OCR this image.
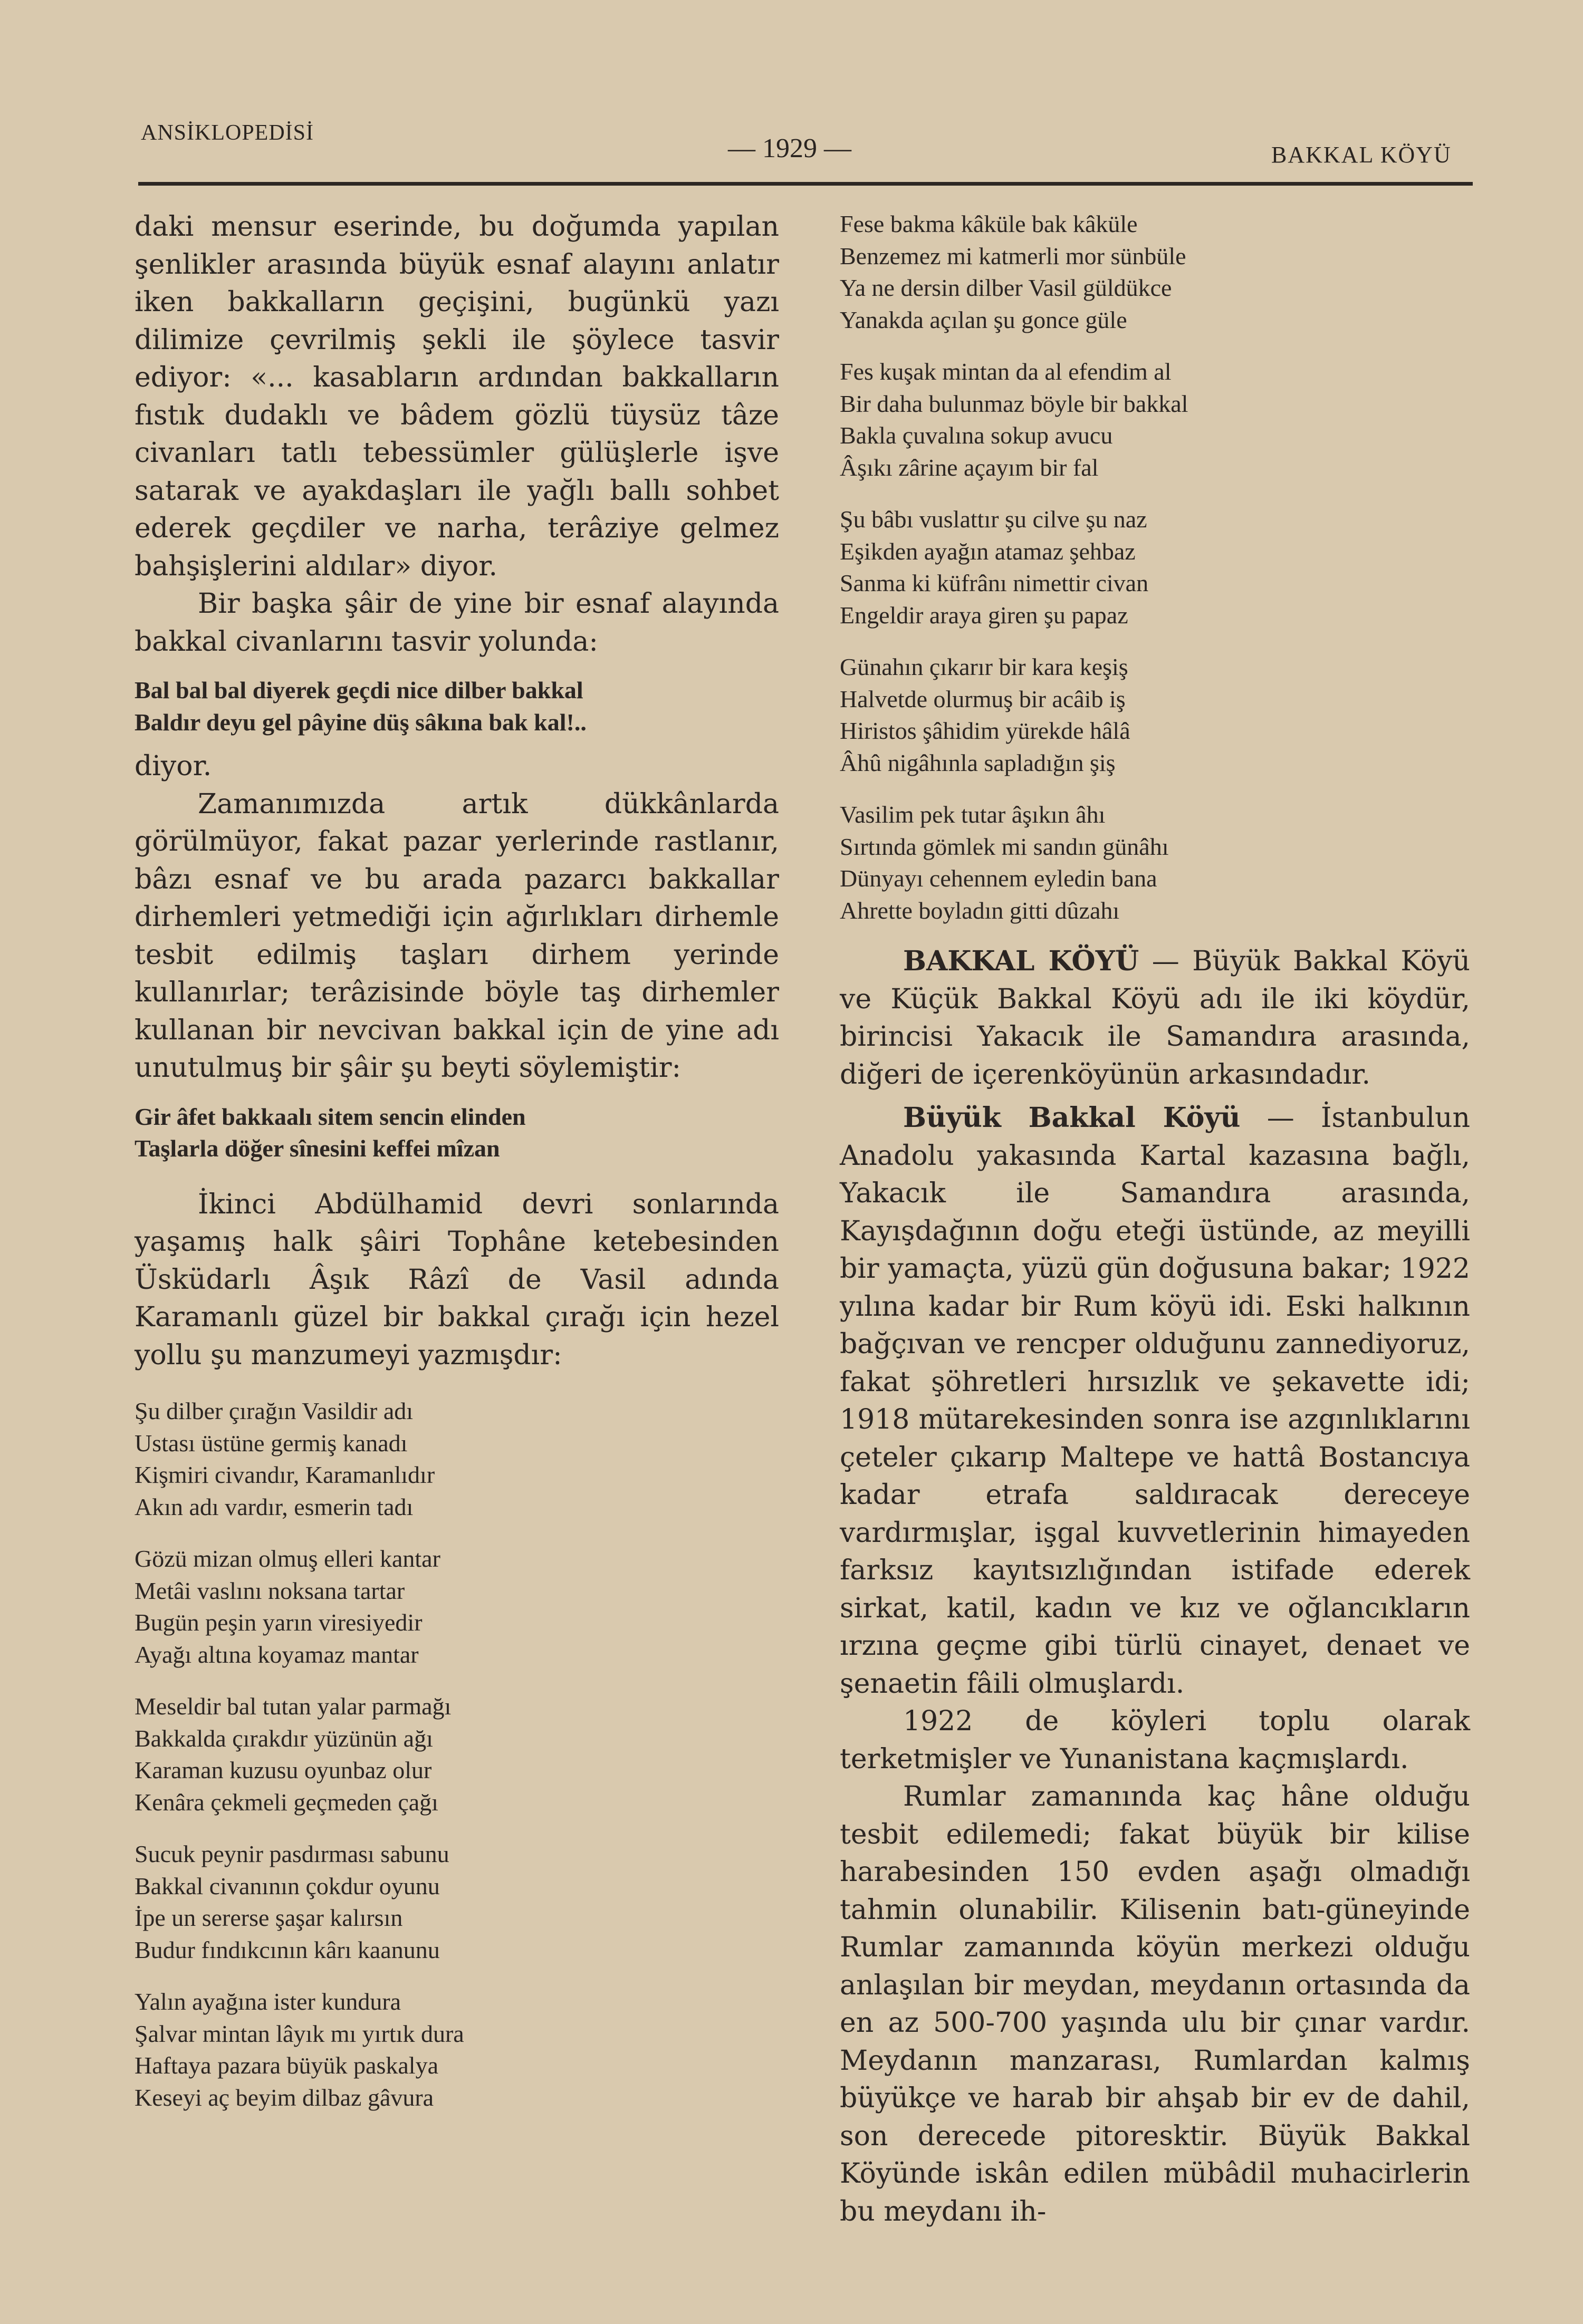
ANSİKLOPEDİSİ
— 1929 —	BAKKAL KÖYÜ

daki mensur eserinde, bu doğumda yapılan şenlikler arasında büyük esnaf alayını anlatır iken bakkalların geçişini, bugünkü yazı dilimize çevrilmiş şekli ile şöylece tasvir ediyor: «... kasabların ardından bakkalların fıstık dudaklı ve bâdem gözlü tüysüz tâze civanları tatlı tebessümler gülüşlerle işve satarak ve ayakdaşları ile yağlı ballı sohbet ederek geçdiler ve narha, terâziye gelmez bahşişlerini aldılar» diyor.

Bir başka şâir de yine bir esnaf alayında bakkal civanlarını tasvir yolunda:

Bal bal bal diyerek geçdi nice dilber bakkal
Baldır deyu gel pâyine düş sâkına bak kal!..

diyor.

Zamanımızda artık dükkânlarda görülmüyor, fakat pazar yerlerinde rastlanır, bâzı esnaf ve bu arada pazarcı bakkallar dirhemleri yetmediği için ağırlıkları dirhemle tesbit edilmiş taşları dirhem yerinde kullanırlar; terâzisinde böyle taş dirhemler kullanan bir nevcivan bakkal için de yine adı unutulmuş bir şâir şu beyti söylemiştir:

Gir âfet bakkaalı sitem sencin elinden
Taşlarla döğer sînesini keffei mîzan

İkinci Abdülhamid devri sonlarında yaşamış halk şâiri Tophâne ketebesinden Üsküdarlı Âşık Râzî de Vasil adında Karamanlı güzel bir bakkal çırağı için hezel yollu şu manzumeyi yazmışdır:

Şu dilber çırağın Vasildir adı
Ustası üstüne germiş kanadı
Kişmiri civandır, Karamanlıdır
Akın adı vardır, esmerin tadı
Gözü mizan olmuş elleri kantar
Metâi vaslını noksana tartar
Bugün peşin yarın viresiyedir
Ayağı altına koyamaz mantar
Meseldir bal tutan yalar parmağı
Bakkalda çırakdır yüzünün ağı
Karaman kuzusu oyunbaz olur
Kenâra çekmeli geçmeden çağı
Sucuk peynir pasdırması sabunu
Bakkal civanının çokdur oyunu
İpe un sererse şaşar kalırsın
Budur fındıkcının kârı kaanunu
Yalın ayağına ister kundura
Şalvar mintan lâyık mı yırtık dura
Haftaya pazara büyük paskalya
Keseyi aç beyim dilbaz gâvura
Fese bakma kâküle bak kâküle
Benzemez mi katmerli mor sünbüle
Ya ne dersin dilber Vasil güldükce
Yanakda açılan şu gonce güle
Fes kuşak mintan da al efendim al
Bir daha bulunmaz böyle bir bakkal
Bakla çuvalına sokup avucu
Âşıkı zârine açayım bir fal
Şu bâbı vuslattır şu cilve şu naz
Eşikden ayağın atamaz şehbaz
Sanma ki küfrânı nimettir civan
Engeldir araya giren şu papaz
Günahın çıkarır bir kara keşiş
Halvetde olurmuş bir acâib iş
Hiristos şâhidim yürekde hâlâ
Âhû nigâhınla sapladığın şiş
Vasilim pek tutar âşıkın âhı
Sırtında gömlek mi sandın günâhı
Dünyayı cehennem eyledin bana
Ahrette boyladın gitti dûzahı

BAKKAL KÖYÜ — Büyük Bakkal Köyü ve Küçük Bakkal Köyü adı ile iki köydür, birincisi Yakacık ile Samandıra arasında, diğeri de içerenköyünün arkasındadır.

Büyük Bakkal Köyü — İstanbulun Anadolu yakasında Kartal kazasına bağlı, Yakacık ile Samandıra arasında, Kayışdağının doğu eteği üstünde, az meyilli bir yamaçta, yüzü gün doğusuna bakar; 1922 yılına kadar bir Rum köyü idi. Eski halkının bağçıvan ve rencper olduğunu zannediyoruz, fakat şöhretleri hırsızlık ve şekavette idi; 1918 mütarekesinden sonra ise azgınlıklarını çeteler çıkarıp Maltepe ve hattâ Bostancıya kadar etrafa saldıracak dereceye vardırmışlar, işgal kuvvetlerinin himayeden farksız kayıtsızlığından istifade ederek sirkat, katil, kadın ve kız ve oğlancıkların ırzına geçme gibi türlü cinayet, denaet ve şenaetin fâili olmuşlardı.

1922 de köyleri toplu olarak terketmişler ve Yunanistana kaçmışlardı.

Rumlar zamanında kaç hâne olduğu tesbit edilemedi; fakat büyük bir kilise harabesinden 150 evden aşağı olmadığı tahmin olunabilir. Kilisenin batı-güneyinde Rumlar zamanında köyün merkezi olduğu anlaşılan bir meydan, meydanın ortasında da en az 500-700 yaşında ulu bir çınar vardır. Meydanın manzarası, Rumlardan kalmış büyükçe ve harab bir ahşab bir ev de dahil, son derecede pitoresktir. Büyük Bakkal Köyünde iskân edilen mübâdil muhacirlerin bu meydanı ih-
